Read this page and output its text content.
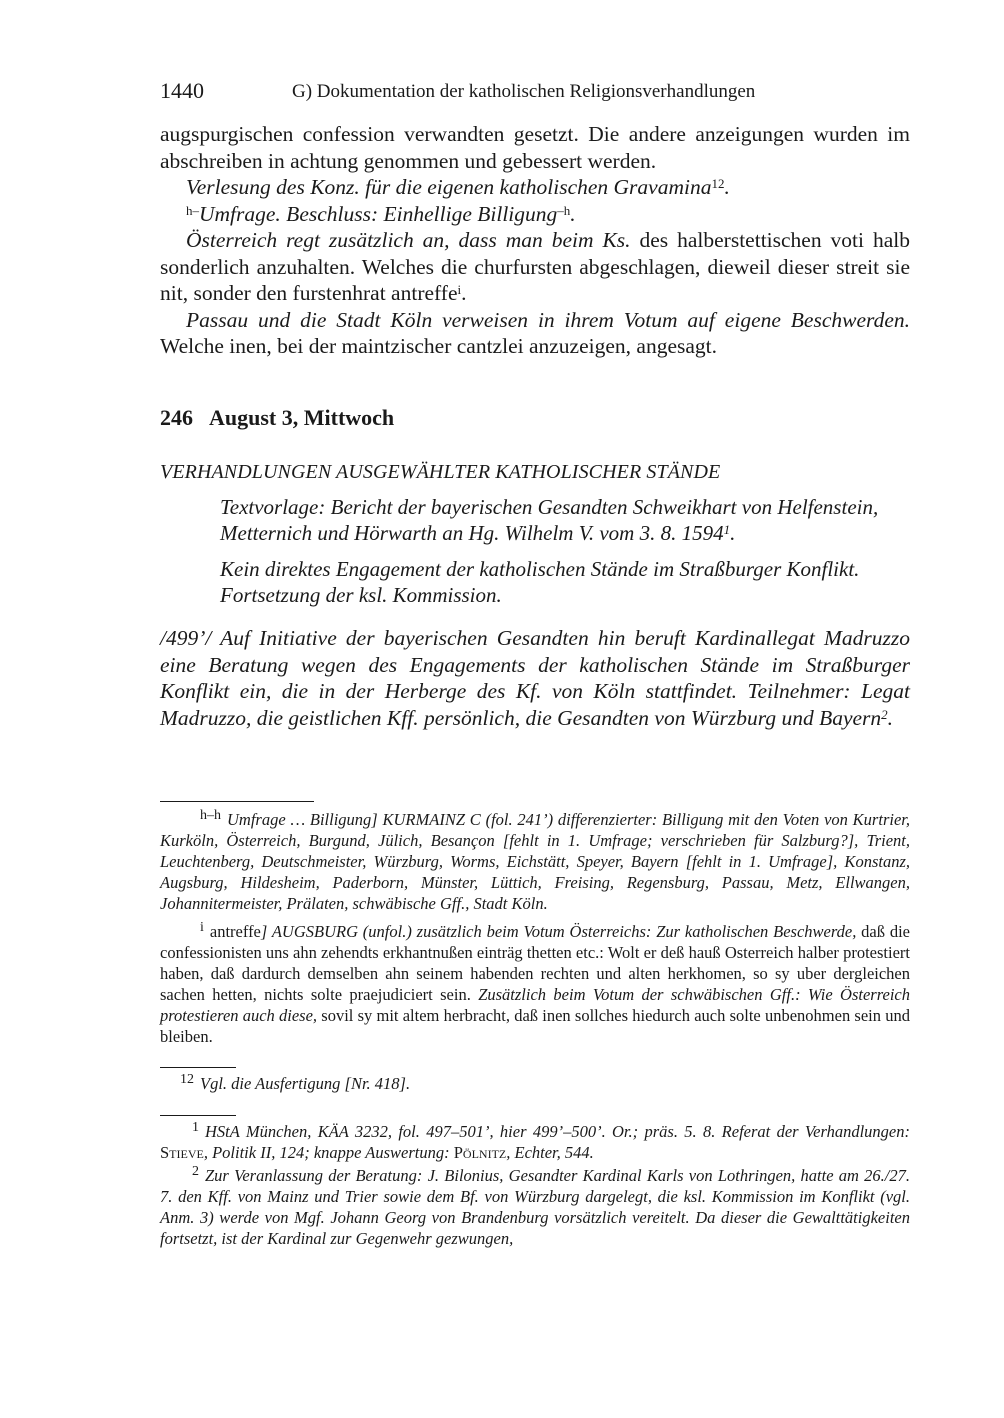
1440	G) Dokumentation der katholischen Religionsverhandlungen

augspurgischen confession verwandten gesetzt. Die andere anzeigungen wurden im abschreiben in achtung genommen und gebessert werden.

Verlesung des Konz. für die eigenen katholischen Gravamina$^{12}$.

$^{h-}$Umfrage. Beschluss: Einhellige Billigung$^{-h}$.

Österreich regt zusätzlich an, dass man beim Ks. des halberstettischen voti halb sonderlich anzuhalten. Welches die churfursten abgeschlagen, dieweil dieser streit sie nit, sonder den furstenhrat antreffe$^i$.

Passau und die Stadt Köln verweisen in ihrem Votum auf eigene Beschwerden. Welche inen, bei der maintzischer cantzlei anzuzeigen, angesagt.

246 August 3, Mittwoch
VERHANDLUNGEN AUSGEWÄHLTER KATHOLISCHER STÄNDE

Textvorlage: Bericht der bayerischen Gesandten Schweikhart von Helfenstein, Metternich und Hörwarth an Hg. Wilhelm V. vom 3. 8. 1594$^1$.

Kein direktes Engagement der katholischen Stände im Straßburger Konflikt. Fortsetzung der ksl. Kommission.

/499’/ Auf Initiative der bayerischen Gesandten hin beruft Kardinallegat Madruzzo eine Beratung wegen des Engagements der katholischen Stände im Straßburger Konflikt ein, die in der Herberge des Kf. von Köln stattfindet. Teilnehmer: Legat Madruzzo, die geistlichen Kff. persönlich, die Gesandten von Würzburg und Bayern$^2$.

$^{h-h}$ Umfrage … Billigung] KURMAINZ C (fol. 241’) differenzierter: Billigung mit den Voten von Kurtrier, Kurköln, Österreich, Burgund, Jülich, Besançon [fehlt in 1. Umfrage; verschrieben für Salzburg?], Trient, Leuchtenberg, Deutschmeister, Würzburg, Worms, Eichstätt, Speyer, Bayern [fehlt in 1. Umfrage], Konstanz, Augsburg, Hildesheim, Paderborn, Münster, Lüttich, Freising, Regensburg, Passau, Metz, Ellwangen, Johannitermeister, Prälaten, schwäbische Gff., Stadt Köln.

$^i$ antreffe] AUGSBURG (unfol.) zusätzlich beim Votum Österreichs: Zur katholischen Beschwerde, daß die confessionisten uns ahn zehendts erkhantnußen einträg thetten etc.: Wolt er deß hauß Osterreich halber protestiert haben, daß dardurch demselben ahn seinem habenden rechten und alten herkhomen, so sy uber dergleichen sachen hetten, nichts solte praejudiciert sein. Zusätzlich beim Votum der schwäbischen Gff.: Wie Österreich protestieren auch diese, sovil sy mit altem herbracht, daß inen sollches hiedurch auch solte unbenohmen sein und bleiben.

$^{12}$ Vgl. die Ausfertigung [Nr. 418].

$^1$ HStA München, KÄA 3232, fol. 497–501’, hier 499’–500’. Or.; präs. 5. 8. Referat der Verhandlungen: Stieve, Politik II, 124; knappe Auswertung: Pölnitz, Echter, 544.

$^2$ Zur Veranlassung der Beratung: J. Bilonius, Gesandter Kardinal Karls von Lothringen, hatte am 26./27. 7. den Kff. von Mainz und Trier sowie dem Bf. von Würzburg dargelegt, die ksl. Kommission im Konflikt (vgl. Anm. 3) werde von Mgf. Johann Georg von Brandenburg vorsätzlich vereitelt. Da dieser die Gewalttätigkeiten fortsetzt, ist der Kardinal zur Gegenwehr gezwungen,
